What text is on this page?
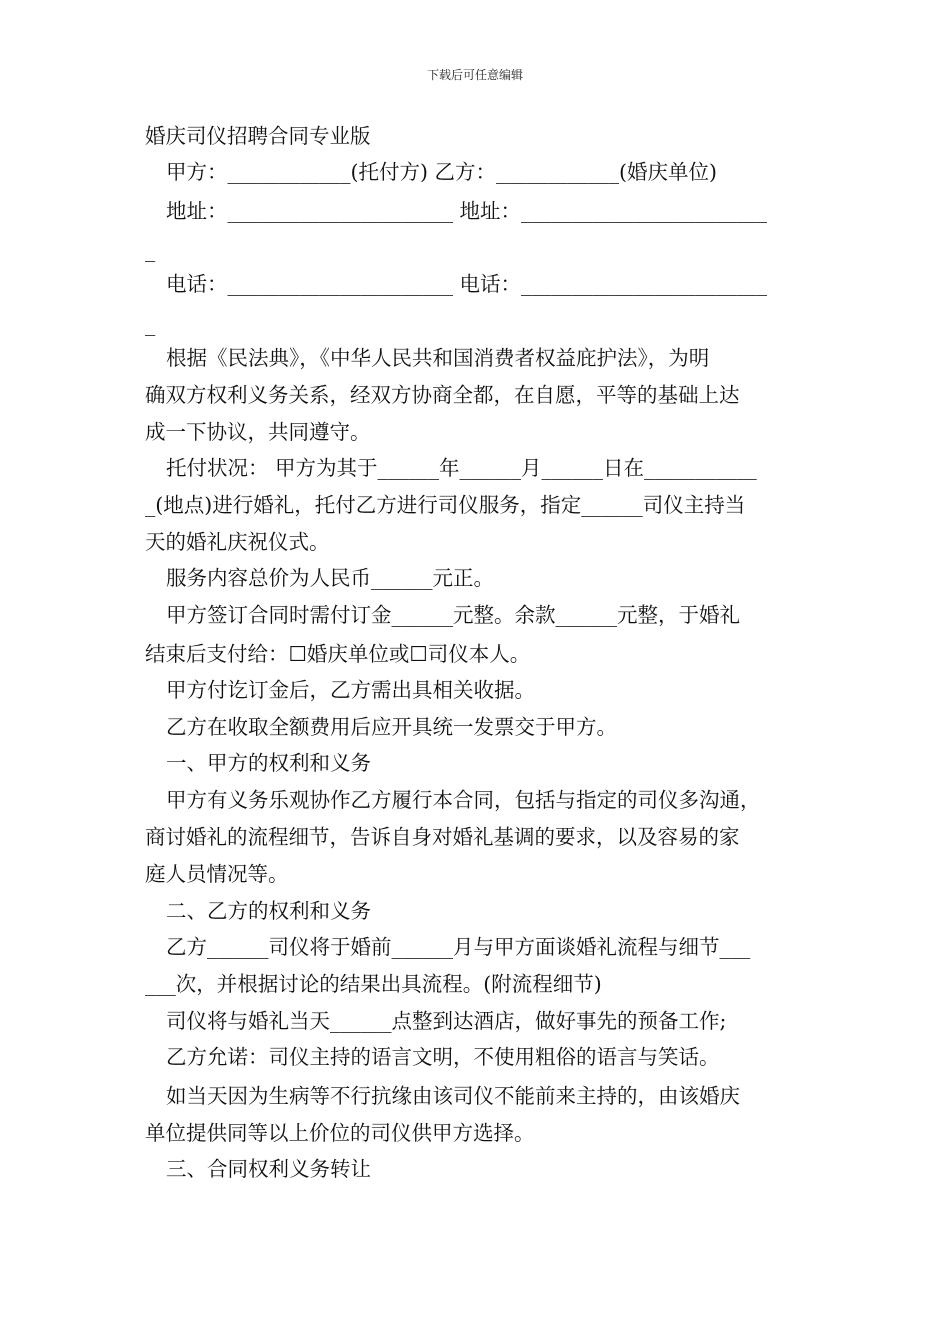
下载后可任意编辑
婚庆司仪招聘合同专业版
甲方：____________(托付方) 乙方：____________(婚庆单位)
地址：______________________ 地址：________________________
_
电话：______________________ 电话：________________________
_
根据《民法典》，《中华人民共和国消费者权益庇护法》，为明
确双方权利义务关系，经双方协商全都，在自愿，平等的基础上达
成一下协议，共同遵守。
托付状况： 甲方为其于______年______月______日在___________
_(地点)进行婚礼，托付乙方进行司仪服务，指定______司仪主持当
天的婚礼庆祝仪式。
服务内容总价为人民币______元正。
甲方签订合同时需付订金______元整。余款______元整，于婚礼
结束后支付给：☐婚庆单位或☐司仪本人。
甲方付讫订金后，乙方需出具相关收据。
乙方在收取全额费用后应开具统一发票交于甲方。
一、甲方的权利和义务
甲方有义务乐观协作乙方履行本合同，包括与指定的司仪多沟通，
商讨婚礼的流程细节，告诉自身对婚礼基调的要求，以及容易的家
庭人员情况等。
二、乙方的权利和义务
乙方______司仪将于婚前______月与甲方面谈婚礼流程与细节___
___次，并根据讨论的结果出具流程。(附流程细节)
司仪将与婚礼当天______点整到达酒店，做好事先的预备工作;
乙方允诺：司仪主持的语言文明，不使用粗俗的语言与笑话。
如当天因为生病等不行抗缘由该司仪不能前来主持的，由该婚庆
单位提供同等以上价位的司仪供甲方选择。
三、合同权利义务转让
